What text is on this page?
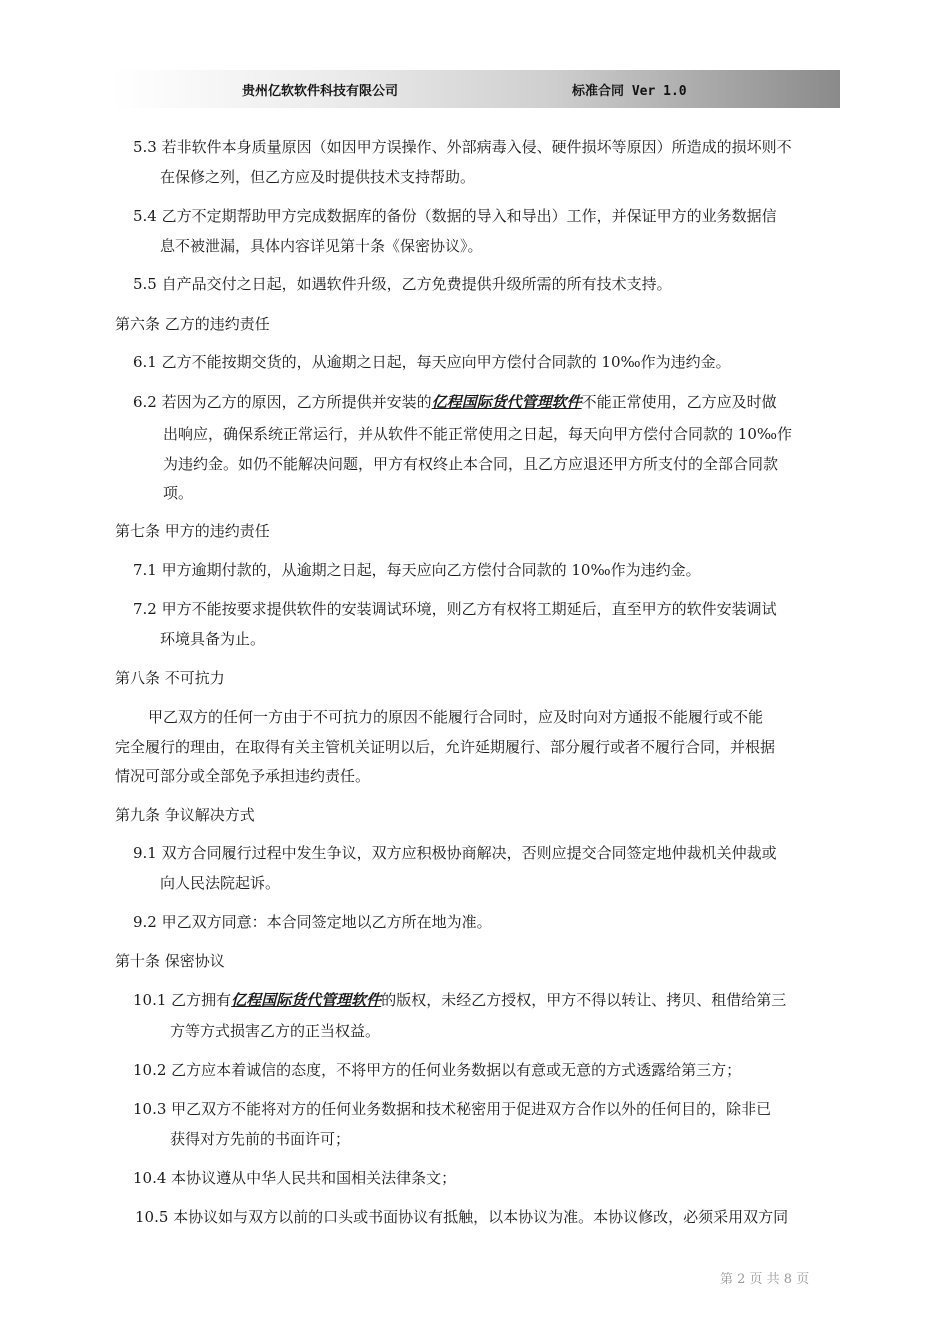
贵州亿软软件科技有限公司	标准合同 Ver 1.0
5.3 若非软件本身质量原因（如因甲方误操作、外部病毒入侵、硬件损坏等原因）所造成的损坏则不
在保修之列，但乙方应及时提供技术支持帮助。
5.4 乙方不定期帮助甲方完成数据库的备份（数据的导入和导出）工作，并保证甲方的业务数据信
息不被泄漏，具体内容详见第十条《保密协议》。
5.5 自产品交付之日起，如遇软件升级，乙方免费提供升级所需的所有技术支持。
第六条 乙方的违约责任
6.1 乙方不能按期交货的，从逾期之日起，每天应向甲方偿付合同款的 10‰作为违约金。
6.2 若因为乙方的原因，乙方所提供并安装的亿程国际货代管理软件不能正常使用，乙方应及时做
出响应，确保系统正常运行，并从软件不能正常使用之日起，每天向甲方偿付合同款的 10‰作
为违约金。如仍不能解决问题，甲方有权终止本合同，且乙方应退还甲方所支付的全部合同款
项。
第七条 甲方的违约责任
7.1 甲方逾期付款的，从逾期之日起，每天应向乙方偿付合同款的 10‰作为违约金。
7.2 甲方不能按要求提供软件的安装调试环境，则乙方有权将工期延后，直至甲方的软件安装调试
环境具备为止。
第八条 不可抗力
甲乙双方的任何一方由于不可抗力的原因不能履行合同时，应及时向对方通报不能履行或不能
完全履行的理由，在取得有关主管机关证明以后，允许延期履行、部分履行或者不履行合同，并根据
情况可部分或全部免予承担违约责任。
第九条 争议解决方式
9.1 双方合同履行过程中发生争议，双方应积极协商解决，否则应提交合同签定地仲裁机关仲裁或
向人民法院起诉。
9.2 甲乙双方同意：本合同签定地以乙方所在地为准。
第十条 保密协议
10.1 乙方拥有亿程国际货代管理软件的版权，未经乙方授权，甲方不得以转让、拷贝、租借给第三
方等方式损害乙方的正当权益。
10.2 乙方应本着诚信的态度，不将甲方的任何业务数据以有意或无意的方式透露给第三方；
10.3 甲乙双方不能将对方的任何业务数据和技术秘密用于促进双方合作以外的任何目的，除非已
获得对方先前的书面许可；
10.4 本协议遵从中华人民共和国相关法律条文；
10.5 本协议如与双方以前的口头或书面协议有抵触，以本协议为准。本协议修改，必须采用双方同
第 2 页 共 8 页
